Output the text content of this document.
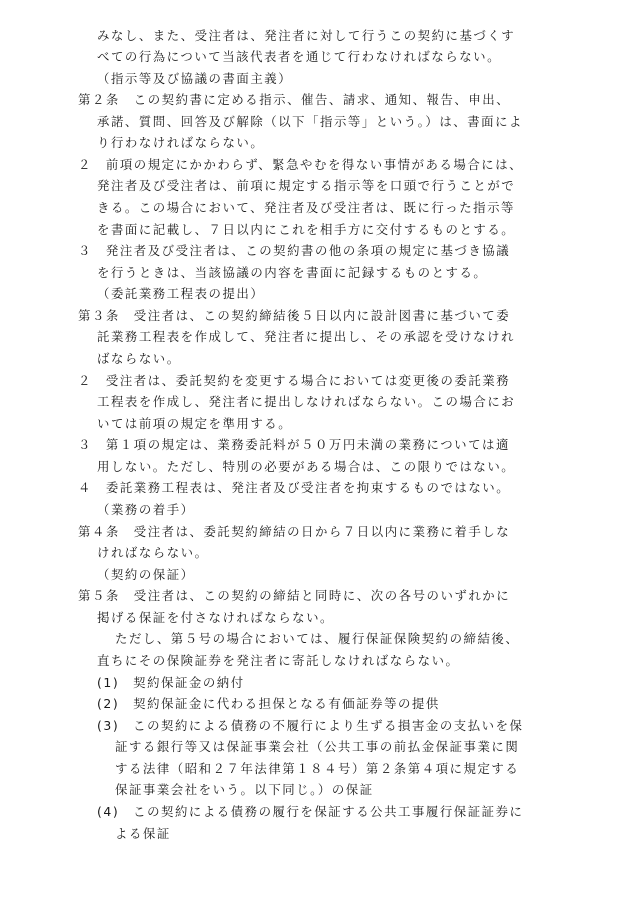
みなし、また、受注者は、発注者に対して行うこの契約に基づくす
べての行為について当該代表者を通じて行わなければならない。
（指示等及び協議の書面主義）
第２条　この契約書に定める指示、催告、請求、通知、報告、申出、
承諾、質問、回答及び解除（以下「指示等」という。）は、書面によ
り行わなければならない。
２　前項の規定にかかわらず、緊急やむを得ない事情がある場合には、
発注者及び受注者は、前項に規定する指示等を口頭で行うことがで
きる。この場合において、発注者及び受注者は、既に行った指示等
を書面に記載し、７日以内にこれを相手方に交付するものとする。
３　発注者及び受注者は、この契約書の他の条項の規定に基づき協議
を行うときは、当該協議の内容を書面に記録するものとする。
（委託業務工程表の提出）
第３条　受注者は、この契約締結後５日以内に設計図書に基づいて委
託業務工程表を作成して、発注者に提出し、その承認を受けなけれ
ばならない。
２　受注者は、委託契約を変更する場合においては変更後の委託業務
工程表を作成し、発注者に提出しなければならない。この場合にお
いては前項の規定を準用する。
３　第１項の規定は、業務委託料が５０万円未満の業務については適
用しない。ただし、特別の必要がある場合は、この限りではない。
４　委託業務工程表は、発注者及び受注者を拘束するものではない。
（業務の着手）
第４条　受注者は、委託契約締結の日から７日以内に業務に着手しな
ければならない。
（契約の保証）
第５条　受注者は、この契約の締結と同時に、次の各号のいずれかに
掲げる保証を付さなければならない。
ただし、第５号の場合においては、履行保証保険契約の締結後、
直ちにその保険証券を発注者に寄託しなければならない。
(1)　契約保証金の納付
(2)　契約保証金に代わる担保となる有価証券等の提供
(3)　この契約による債務の不履行により生ずる損害金の支払いを保
証する銀行等又は保証事業会社（公共工事の前払金保証事業に関
する法律（昭和２７年法律第１８４号）第２条第４項に規定する
保証事業会社をいう。以下同じ。）の保証
(4)　この契約による債務の履行を保証する公共工事履行保証証券に
よる保証
